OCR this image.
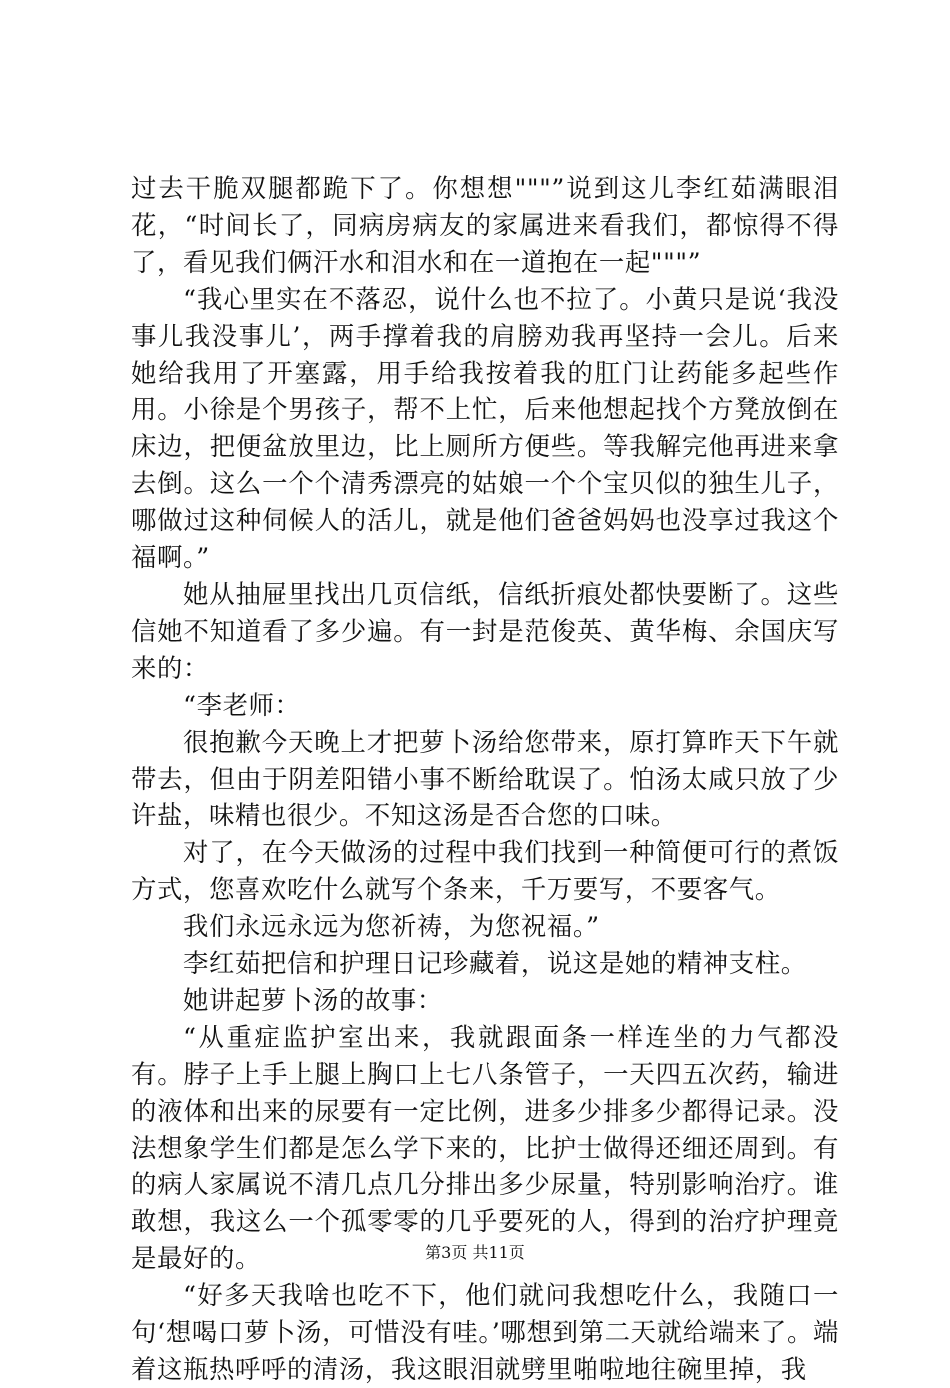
过去干脆双腿都跪下了。你想想"""”说到这儿李红茹满眼泪花，“时间长了，同病房病友的家属进来看我们，都惊得不得了，看见我们俩汗水和泪水和在一道抱在一起"""”

“我心里实在不落忍，说什么也不拉了。小黄只是说‘我没事儿我没事儿’，两手撑着我的肩膀劝我再坚持一会儿。后来她给我用了开塞露，用手给我按着我的肛门让药能多起些作用。小徐是个男孩子，帮不上忙，后来他想起找个方凳放倒在床边，把便盆放里边，比上厕所方便些。等我解完他再进来拿去倒。这么一个个清秀漂亮的姑娘一个个宝贝似的独生儿子，哪做过这种伺候人的活儿，就是他们爸爸妈妈也没享过我这个福啊。”

她从抽屉里找出几页信纸，信纸折痕处都快要断了。这些信她不知道看了多少遍。有一封是范俊英、黄华梅、余国庆写来的：

“李老师：

很抱歉今天晚上才把萝卜汤给您带来，原打算昨天下午就带去，但由于阴差阳错小事不断给耽误了。怕汤太咸只放了少许盐，味精也很少。不知这汤是否合您的口味。

对了，在今天做汤的过程中我们找到一种简便可行的煮饭方式，您喜欢吃什么就写个条来，千万要写，不要客气。

我们永远永远为您祈祷，为您祝福。”

李红茹把信和护理日记珍藏着，说这是她的精神支柱。

她讲起萝卜汤的故事：

“从重症监护室出来，我就跟面条一样连坐的力气都没有。脖子上手上腿上胸口上七八条管子，一天四五次药，输进的液体和出来的尿要有一定比例，进多少排多少都得记录。没法想象学生们都是怎么学下来的，比护士做得还细还周到。有的病人家属说不清几点几分排出多少尿量，特别影响治疗。谁敢想，我这么一个孤零零的几乎要死的人，得到的治疗护理竟是最好的。

“好多天我啥也吃不下，他们就问我想吃什么，我随口一句‘想喝口萝卜汤，可惜没有哇。’哪想到第二天就给端来了。端着这瓶热呼呼的清汤，我这眼泪就劈里啪啦地往碗里掉，我

第3页 共11页
